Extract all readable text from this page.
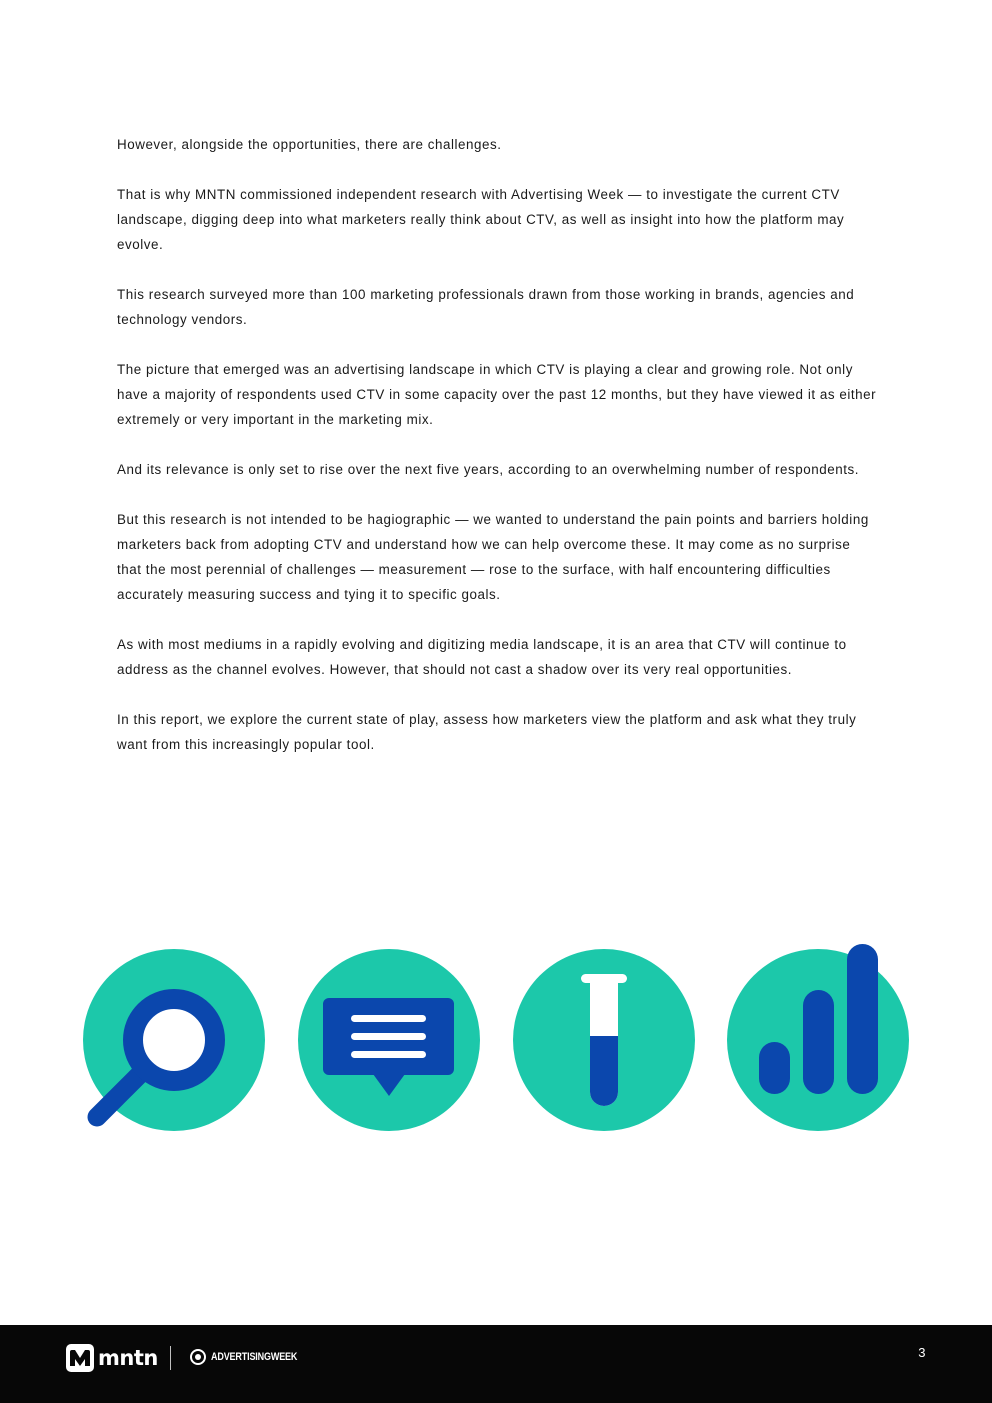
However, alongside the opportunities, there are challenges.

That is why MNTN commissioned independent research with Advertising Week — to investigate the current CTV landscape, digging deep into what marketers really think about CTV, as well as insight into how the platform may evolve.

This research surveyed more than 100 marketing professionals drawn from those working in brands, agencies and technology vendors.

The picture that emerged was an advertising landscape in which CTV is playing a clear and growing role. Not only have a majority of respondents used CTV in some capacity over the past 12 months, but they have viewed it as either extremely or very important in the marketing mix.

And its relevance is only set to rise over the next five years, according to an overwhelming number of respondents.

But this research is not intended to be hagiographic — we wanted to understand the pain points and barriers holding marketers back from adopting CTV and understand how we can help overcome these. It may come as no surprise that the most perennial of challenges — measurement — rose to the surface, with half encountering difficulties accurately measuring success and tying it to specific goals.

As with most mediums in a rapidly evolving and digitizing media landscape, it is an area that CTV will continue to address as the channel evolves. However, that should not cast a shadow over its very real opportunities.

In this report, we explore the current state of play, assess how marketers view the platform and ask what they truly want from this increasingly popular tool.

mntn	ADVERTISINGWEEK	3
